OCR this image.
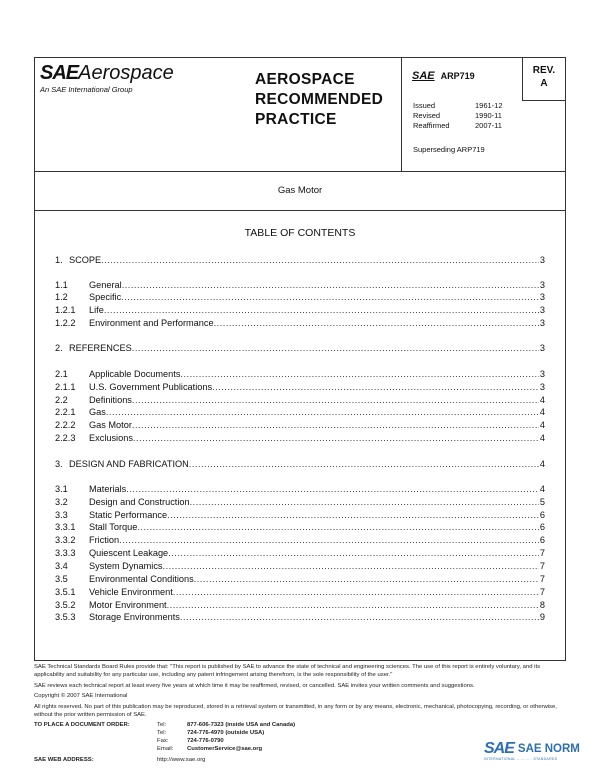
SAEAerospace
An SAE International Group
AEROSPACE
RECOMMENDED
PRACTICE
SAE ARP719	REV.
A
Issued	1961-12
Revised	1990-11
Reaffirmed	2007-11
Superseding ARP719
Gas Motor
TABLE OF CONTENTS
1. SCOPE .....	3
1.1	General .....	3
1.2	Specific .....	3
1.2.1	Life .....	3
1.2.2	Environment and Performance .....	3
2. REFERENCES .....	3
2.1	Applicable Documents .....	3
2.1.1	U.S. Government Publications .....	3
2.2	Definitions .....	4
2.2.1	Gas .....	4
2.2.2	Gas Motor .....	4
2.2.3	Exclusions .....	4
3. DESIGN AND FABRICATION .....	4
3.1	Materials .....	4
3.2	Design and Construction .....	5
3.3	Static Performance .....	6
3.3.1	Stall Torque .....	6
3.3.2	Friction .....	6
3.3.3	Quiescent Leakage .....	7
3.4	System Dynamics .....	7
3.5	Environmental Conditions .....	7
3.5.1	Vehicle Environment .....	7
3.5.2	Motor Environment .....	8
3.5.3	Storage Environments .....	9
SAE Technical Standards Board Rules provide that: "This report is published by SAE to advance the state of technical and engineering sciences. The use of this report is entirely voluntary, and its applicability and suitability for any particular use, including any patent infringement arising therefrom, is the sole responsibility of the user."
SAE reviews each technical report at least every five years at which time it may be reaffirmed, revised, or cancelled. SAE invites your written comments and suggestions.
Copyright © 2007 SAE International
All rights reserved. No part of this publication may be reproduced, stored in a retrieval system or transmitted, in any form or by any means, electronic, mechanical, photocopying, recording, or otherwise, without the prior written permission of SAE.
TO PLACE A DOCUMENT ORDER:	Tel:	877-606-7323 (inside USA and Canada)
Tel:	724-776-4970 (outside USA)
Fax:	724-776-0790
Email:	CustomerService@sae.org
SAE WEB ADDRESS:	http://www.sae.org
SAE SAE NORM
INTERNATIONAL ............ STANDARDS
